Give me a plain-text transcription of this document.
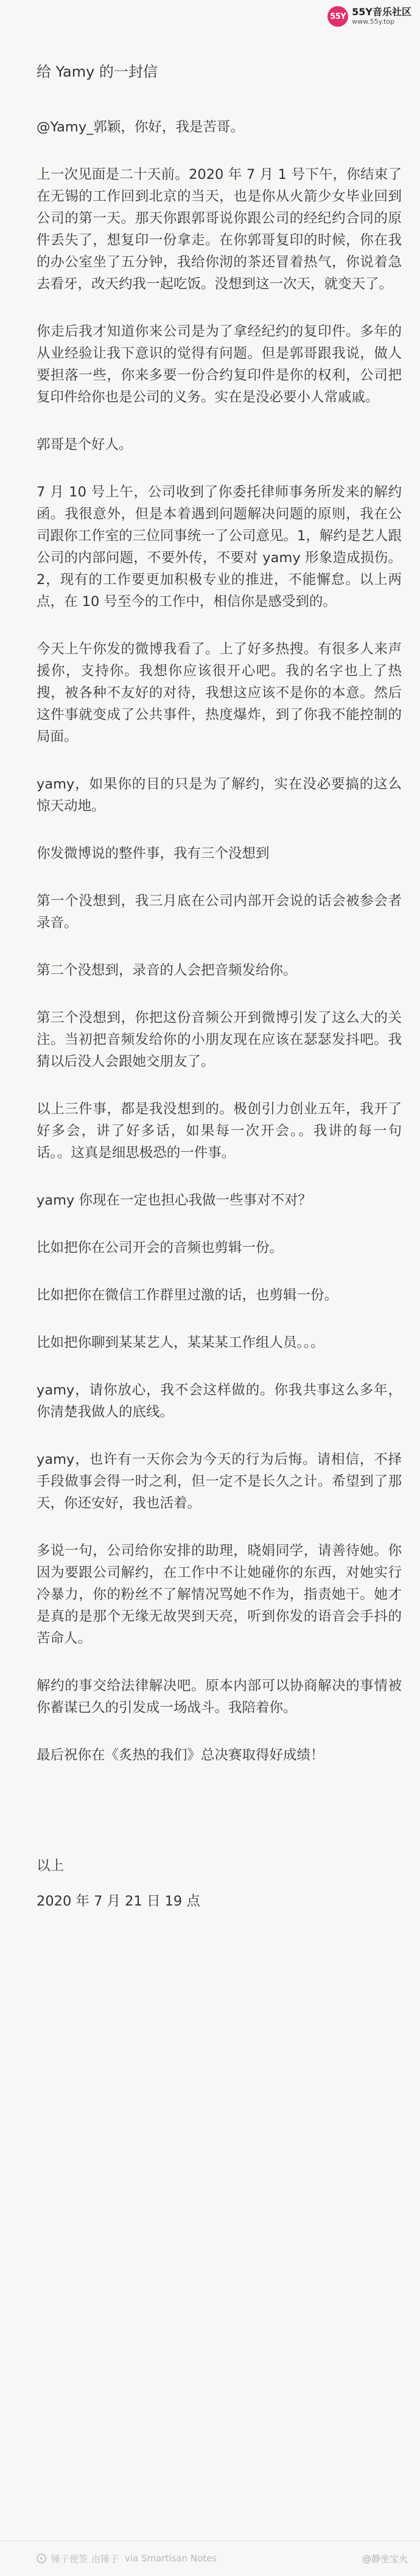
55Y 55Y音乐社区
www.55y.top
给 Yamy 的一封信

@Yamy_郭颖，你好，我是苦哥。

上一次见面是二十天前。2020 年 7 月 1 号下午，你结束了在无锡的工作回到北京的当天，也是你从火箭少女毕业回到公司的第一天。那天你跟郭哥说你跟公司的经纪约合同的原件丢失了，想复印一份拿走。在你郭哥复印的时候，你在我的办公室坐了五分钟，我给你沏的茶还冒着热气，你说着急去看牙，改天约我一起吃饭。没想到这一次天，就变天了。

你走后我才知道你来公司是为了拿经纪约的复印件。多年的从业经验让我下意识的觉得有问题。但是郭哥跟我说，做人要担落一些，你来多要一份合约复印件是你的权利，公司把复印件给你也是公司的义务。实在是没必要小人常戚戚。

郭哥是个好人。

7 月 10 号上午，公司收到了你委托律师事务所发来的解约函。我很意外，但是本着遇到问题解决问题的原则，我在公司跟你工作室的三位同事统一了公司意见。1，解约是艺人跟公司的内部问题，不要外传，不要对 yamy 形象造成损伤。2，现有的工作要更加积极专业的推进，不能懈怠。以上两点，在 10 号至今的工作中，相信你是感受到的。

今天上午你发的微博我看了。上了好多热搜。有很多人来声援你，支持你。我想你应该很开心吧。我的名字也上了热搜，被各种不友好的对待，我想这应该不是你的本意。然后这件事就变成了公共事件，热度爆炸，到了你我不能控制的局面。

yamy，如果你的目的只是为了解约，实在没必要搞的这么惊天动地。

你发微博说的整件事，我有三个没想到

第一个没想到，我三月底在公司内部开会说的话会被参会者录音。

第二个没想到，录音的人会把音频发给你。

第三个没想到，你把这份音频公开到微博引发了这么大的关注。当初把音频发给你的小朋友现在应该在瑟瑟发抖吧。我猜以后没人会跟她交朋友了。

以上三件事，都是我没想到的。极创引力创业五年，我开了好多会，讲了好多话，如果每一次开会。。我讲的每一句话。。这真是细思极恐的一件事。

yamy 你现在一定也担心我做一些事对不对？

比如把你在公司开会的音频也剪辑一份。

比如把你在微信工作群里过激的话，也剪辑一份。

比如把你聊到某某艺人，某某某工作组人员。。。

yamy，请你放心，我不会这样做的。你我共事这么多年，你清楚我做人的底线。

yamy，也许有一天你会为今天的行为后悔。请相信，不择手段做事会得一时之利，但一定不是长久之计。希望到了那天，你还安好，我也活着。

多说一句，公司给你安排的助理，晓娟同学，请善待她。你因为要跟公司解约，在工作中不让她碰你的东西，对她实行冷暴力，你的粉丝不了解情况骂她不作为，指责她干。她才是真的是那个无缘无故哭到天亮，听到你发的语音会手抖的苦命人。

解约的事交给法律解决吧。原本内部可以协商解决的事情被你蓄谋已久的引发成一场战斗。我陪着你。

最后祝你在《炙热的我们》总决赛取得好成绩！

以上
2020 年 7 月 21 日 19 点
锤子便签 由锤子 via Smartisan Notes	@静坐宝火
